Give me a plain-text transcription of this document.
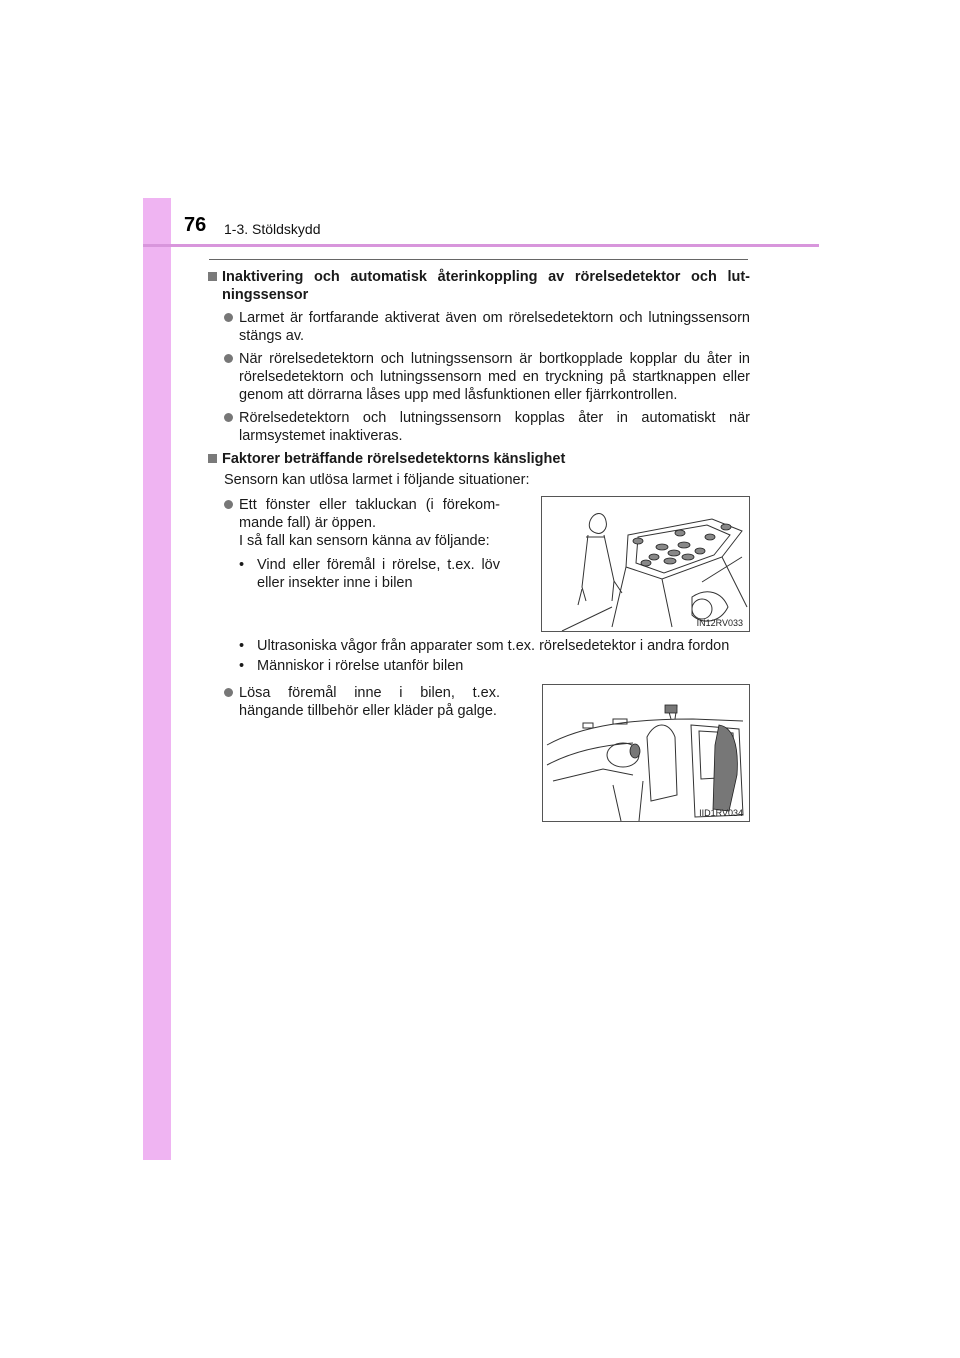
76 1-3. Stöldskydd
Inaktivering och automatisk återinkoppling av rörelsedetektor och lut-ningssensor
Larmet är fortfarande aktiverat även om rörelsedetektorn och lutningssensorn stängs av.
När rörelsedetektorn och lutningssensorn är bortkopplade kopplar du åter in rörelsedetektorn och lutningssensorn med en tryckning på startknappen eller genom att dörrarna låses upp med låsfunktionen eller fjärrkontrollen.
Rörelsedetektorn och lutningssensorn kopplas åter in automatiskt när larmsystemet inaktiveras.
Faktorer beträffande rörelsedetektorns känslighet
Sensorn kan utlösa larmet i följande situationer:
Ett fönster eller takluckan (i förekom-mande fall) är öppen.
I så fall kan sensorn känna av följande:
• Vind eller föremål i rörelse, t.ex. löv eller insekter inne i bilen
IN12RV033
• Ultrasoniska vågor från apparater som t.ex. rörelsedetektor i andra fordon
• Människor i rörelse utanför bilen
Lösa föremål inne i bilen, t.ex. hängande tillbehör eller kläder på galge.
IID1RV034
